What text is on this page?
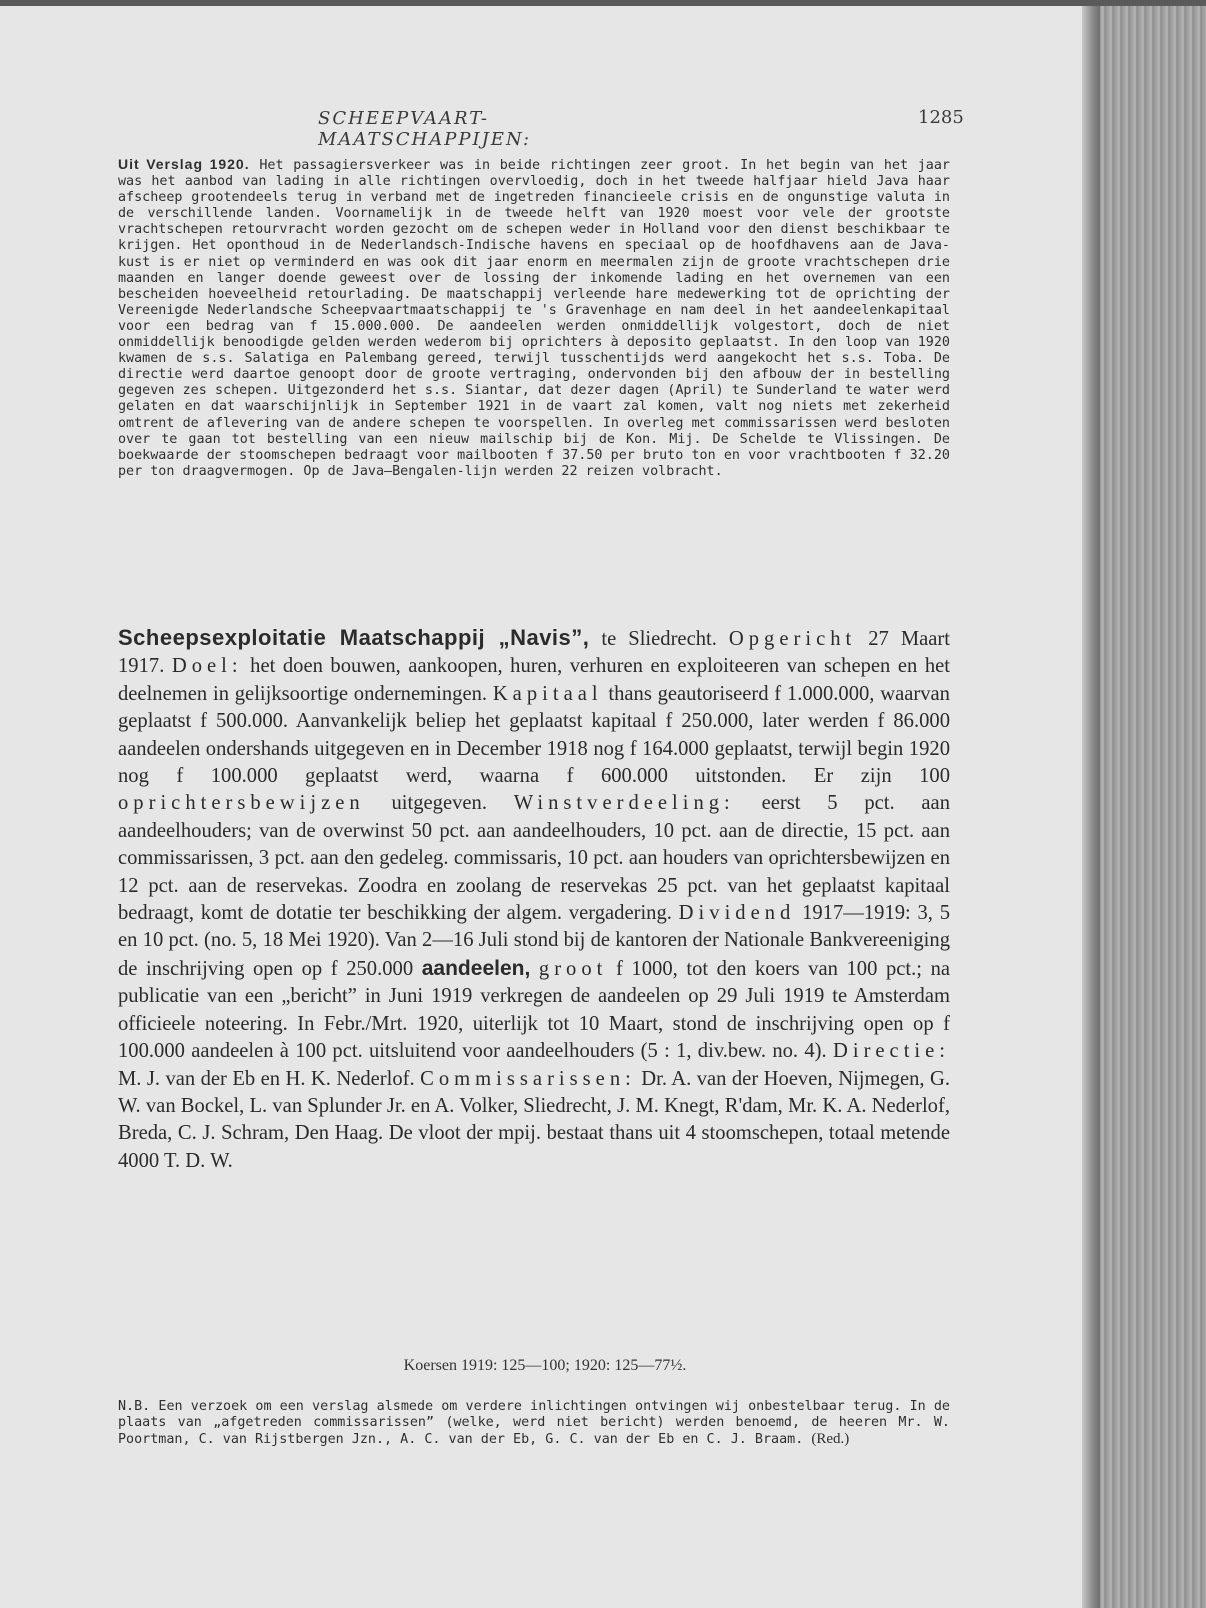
SCHEEPVAART-MAATSCHAPPIJEN:
1285
Uit Verslag 1920. Het passagiersverkeer was in beide richtingen zeer groot. In het begin van het jaar was het aanbod van lading in alle richtingen overvloedig, doch in het tweede halfjaar hield Java haar afscheep grootendeels terug in verband met de ingetreden financieele crisis en de ongunstige valuta in de verschillende landen. Voornamelijk in de tweede helft van 1920 moest voor vele der grootste vrachtschepen retourvracht worden gezocht om de schepen weder in Holland voor den dienst beschikbaar te krijgen. Het oponthoud in de Nederlandsch-Indische havens en speciaal op de hoofdhavens aan de Java-kust is er niet op verminderd en was ook dit jaar enorm en meermalen zijn de groote vrachtschepen drie maanden en langer doende geweest over de lossing der inkomende lading en het overnemen van een bescheiden hoeveelheid retourlading. De maatschappij verleende hare medewerking tot de oprichting der Vereenigde Nederlandsche Scheepvaartmaatschappij te 's Gravenhage en nam deel in het aandeelenkapitaal voor een bedrag van f 15.000.000. De aandeelen werden onmiddellijk volgestort, doch de niet onmiddellijk benoodigde gelden werden wederom bij oprichters à deposito geplaatst. In den loop van 1920 kwamen de s.s. Salatiga en Palembang gereed, terwijl tusschentijds werd aangekocht het s.s. Toba. De directie werd daartoe genoopt door de groote vertraging, ondervonden bij den afbouw der in bestelling gegeven zes schepen. Uitgezonderd het s.s. Siantar, dat dezer dagen (April) te Sunderland te water werd gelaten en dat waarschijnlijk in September 1921 in de vaart zal komen, valt nog niets met zekerheid omtrent de aflevering van de andere schepen te voorspellen. In overleg met commissarissen werd besloten over te gaan tot bestelling van een nieuw mailschip bij de Kon. Mij. De Schelde te Vlissingen. De boekwaarde der stoomschepen bedraagt voor mailbooten f 37.50 per bruto ton en voor vrachtbooten f 32.20 per ton draagvermogen. Op de Java—Bengalen-lijn werden 22 reizen volbracht.
Scheepsexploitatie Maatschappij „Navis”, te Sliedrecht. Opgericht 27 Maart 1917. Doel: het doen bouwen, aankoopen, huren, verhuren en exploiteeren van schepen en het deelnemen in gelijksoortige ondernemingen. Kapitaal thans geautoriseerd f 1.000.000, waarvan geplaatst f 500.000. Aanvankelijk beliep het geplaatst kapitaal f 250.000, later werden f 86.000 aandeelen ondershands uitgegeven en in December 1918 nog f 164.000 geplaatst, terwijl begin 1920 nog f 100.000 geplaatst werd, waarna f 600.000 uitstonden. Er zijn 100 oprichtersbewijzen uitgegeven. Winstverdeeling: eerst 5 pct. aan aandeelhouders; van de overwinst 50 pct. aan aandeelhouders, 10 pct. aan de directie, 15 pct. aan commissarissen, 3 pct. aan den gedeleg. commissaris, 10 pct. aan houders van oprichtersbewijzen en 12 pct. aan de reservekas. Zoodra en zoolang de reservekas 25 pct. van het geplaatst kapitaal bedraagt, komt de dotatie ter beschikking der algem. vergadering. Dividend 1917—1919: 3, 5 en 10 pct. (no. 5, 18 Mei 1920). Van 2—16 Juli stond bij de kantoren der Nationale Bankvereeniging de inschrijving open op f 250.000 aandeelen, groot f 1000, tot den koers van 100 pct.; na publicatie van een „bericht” in Juni 1919 verkregen de aandeelen op 29 Juli 1919 te Amsterdam officieele noteering. In Febr./Mrt. 1920, uiterlijk tot 10 Maart, stond de inschrijving open op f 100.000 aandeelen à 100 pct. uitsluitend voor aandeelhouders (5 : 1, div.bew. no. 4). Directie: M. J. van der Eb en H. K. Nederlof. Commissarissen: Dr. A. van der Hoeven, Nijmegen, G. W. van Bockel, L. van Splunder Jr. en A. Volker, Sliedrecht, J. M. Knegt, R'dam, Mr. K. A. Nederlof, Breda, C. J. Schram, Den Haag. De vloot der mpij. bestaat thans uit 4 stoomschepen, totaal metende 4000 T. D. W.
Koersen 1919: 125—100; 1920: 125—77½.
N.B. Een verzoek om een verslag alsmede om verdere inlichtingen ontvingen wij onbestelbaar terug. In de plaats van „afgetreden commissarissen” (welke, werd niet bericht) werden benoemd, de heeren Mr. W. Poortman, C. van Rijstbergen Jzn., A. C. van der Eb, G. C. van der Eb en C. J. Braam. (Red.)
